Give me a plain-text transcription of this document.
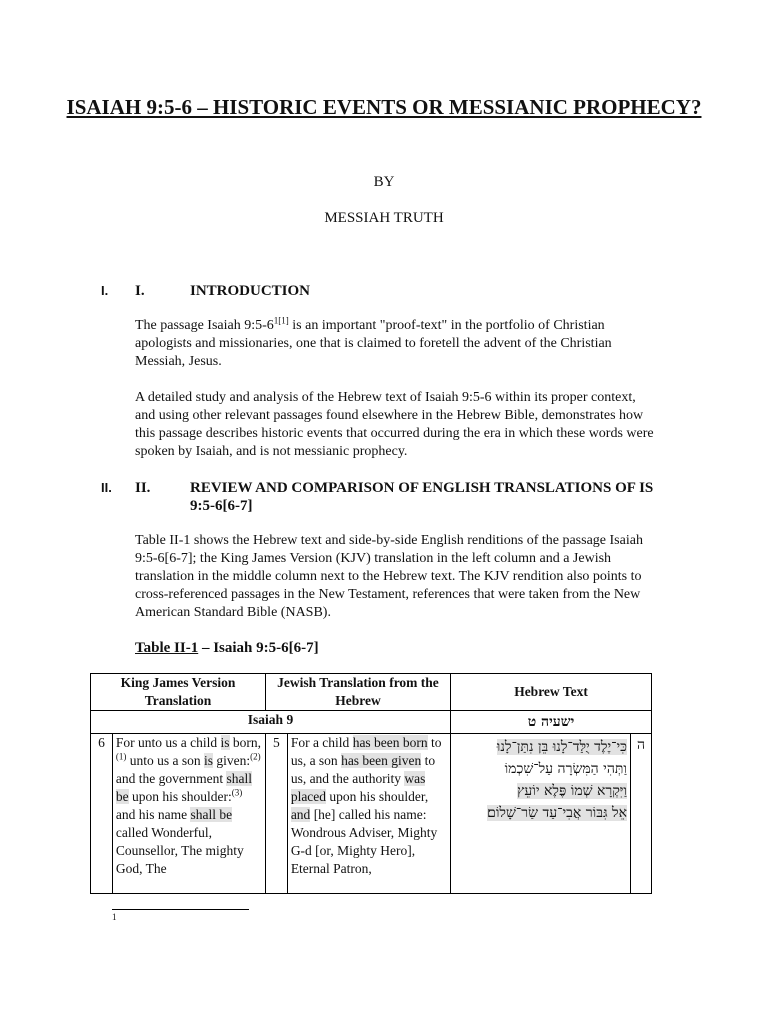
ISAIAH 9:5-6 – HISTORIC EVENTS OR MESSIANIC PROPHECY?
BY
MESSIAH TRUTH
I. I.	INTRODUCTION
The passage Isaiah $9:5-6^{1[1]}$ is an important "proof-text" in the portfolio of Christian apologists and missionaries, one that is claimed to foretell the advent of the Christian Messiah, Jesus.
A detailed study and analysis of the Hebrew text of Isaiah 9:5-6 within its proper context, and using other relevant passages found elsewhere in the Hebrew Bible, demonstrates how this passage describes historic events that occurred during the era in which these words were spoken by Isaiah, and is not messianic prophecy.
II. II.	REVIEW AND COMPARISON OF ENGLISH TRANSLATIONS OF IS 9:5-6[6-7]
Table II-1 shows the Hebrew text and side-by-side English renditions of the passage Isaiah 9:5-6[6-7]; the King James Version (KJV) translation in the left column and a Jewish translation in the middle column next to the Hebrew text. The KJV rendition also points to cross-referenced passages in the New Testament, references that were taken from the New American Standard Bible (NASB).
Table II-1 – Isaiah 9:5-6[6-7]
King James Version Translation		Jewish Translation from the Hebrew		Hebrew Text	
Isaiah 9				ישעיה ט	
6	For unto us a child is born,$^{(1)}$ unto us a son is given:$^{(2)}$ and the government shall be upon his shoulder:$^{(3)}$ and his name shall be called Wonderful, Counsellor, The mighty God, The	5	For a child has been born to us, a son has been given to us, and the authority was placed upon his shoulder, and [he] called his name: Wondrous Adviser, Mighty G-d [or, Mighty Hero], Eternal Patron,	כִּי־יֶלֶד יֻלַּד־לָנוּ בֵּן נִתַּן־לָנוּ
וַתְּהִי הַמִּשְׂרָה עַל־שִׁכְמוֹ
וַיִּקְרָא שְׁמוֹ פֶּלֶא יוֹעֵץ
אֵל גִּבּוֹר אֲבִי־עַד שַׂר־שָׁלוֹם׃	ה
1
